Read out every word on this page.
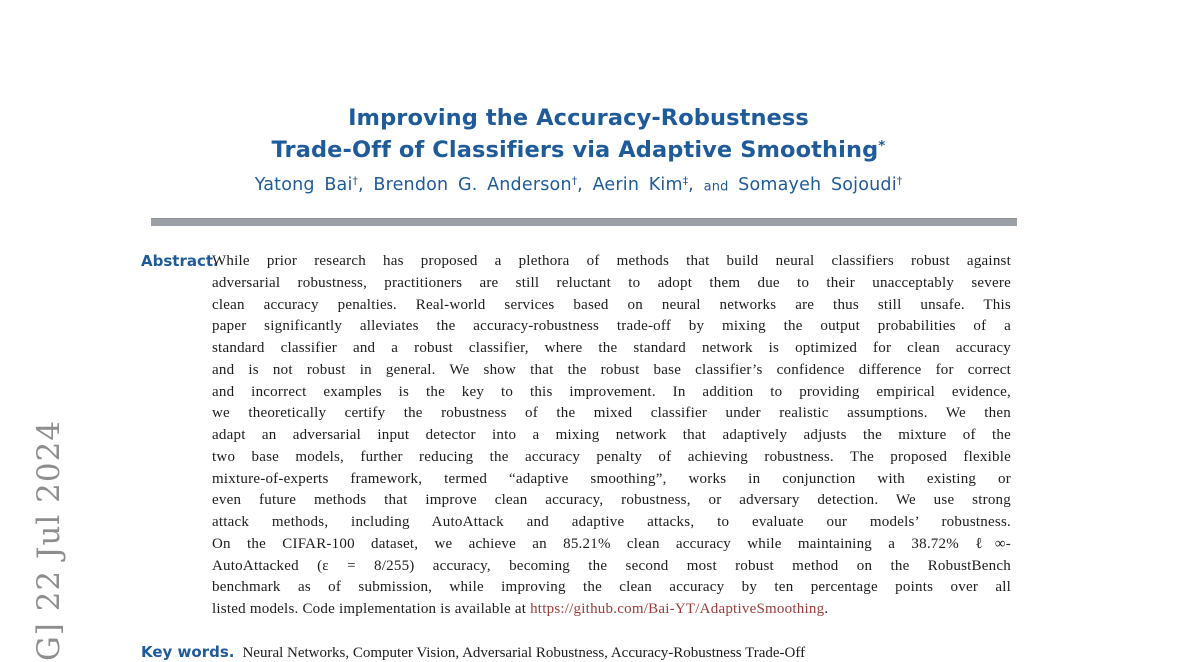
G] 22 Jul 2024
Improving the Accuracy-Robustness
Trade-Off of Classifiers via Adaptive Smoothing*
Yatong Bai†, Brendon G. Anderson†, Aerin Kim‡, and Somayeh Sojoudi†
Abstract.
While prior research has proposed a plethora of methods that build neural classifiers robust against
adversarial robustness, practitioners are still reluctant to adopt them due to their unacceptably severe
clean accuracy penalties. Real-world services based on neural networks are thus still unsafe. This
paper significantly alleviates the accuracy-robustness trade-off by mixing the output probabilities of a
standard classifier and a robust classifier, where the standard network is optimized for clean accuracy
and is not robust in general. We show that the robust base classifier’s confidence difference for correct
and incorrect examples is the key to this improvement. In addition to providing empirical evidence,
we theoretically certify the robustness of the mixed classifier under realistic assumptions. We then
adapt an adversarial input detector into a mixing network that adaptively adjusts the mixture of the
two base models, further reducing the accuracy penalty of achieving robustness. The proposed flexible
mixture-of-experts framework, termed “adaptive smoothing”, works in conjunction with existing or
even future methods that improve clean accuracy, robustness, or adversary detection. We use strong
attack methods, including AutoAttack and adaptive attacks, to evaluate our models’ robustness.
On the CIFAR-100 dataset, we achieve an 85.21% clean accuracy while maintaining a 38.72% ℓ∞-
AutoAttacked (ε = 8/255) accuracy, becoming the second most robust method on the RobustBench
benchmark as of submission, while improving the clean accuracy by ten percentage points over all
listed models. Code implementation is available at https://github.com/Bai-YT/AdaptiveSmoothing.
Key words. Neural Networks, Computer Vision, Adversarial Robustness, Accuracy-Robustness Trade-Off
